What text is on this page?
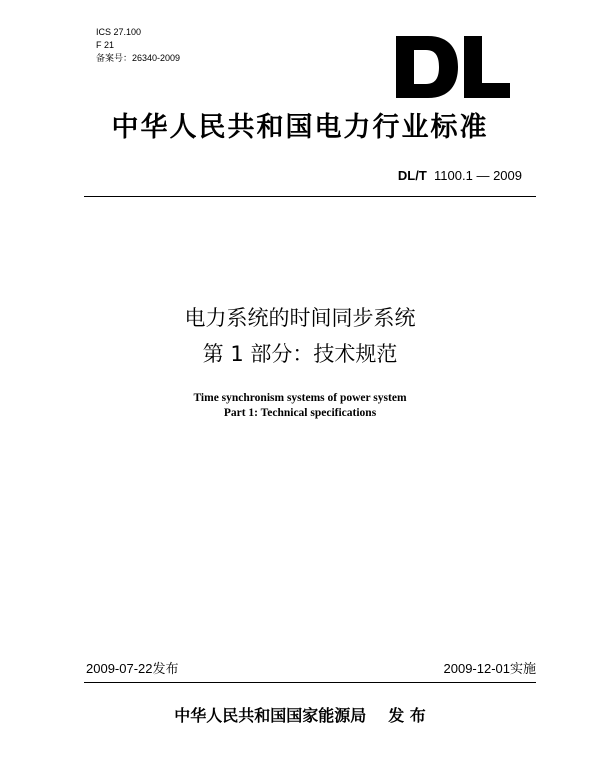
ICS 27.100
F 21
备案号：26340-2009
中华人民共和国电力行业标准
DL/T 1100.1 — 2009
电力系统的时间同步系统
第 1 部分：技术规范
Time synchronism systems of power system
Part 1: Technical specifications
2009-07-22发布	2009-12-01实施
中华人民共和国国家能源局 发 布
